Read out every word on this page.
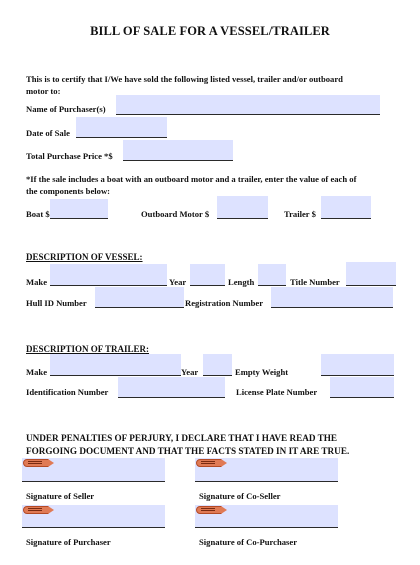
BILL OF SALE FOR A VESSEL/TRAILER
This is to certify that I/We have sold the following listed vessel, trailer and/or outboard
motor to:
Name of Purchaser(s)
Date of Sale
Total Purchase Price *$
*If the sale includes a boat with an outboard motor and a trailer, enter the value of each of
the components below:
Boat $	Outboard Motor $	Trailer $
DESCRIPTION OF VESSEL:
Make	Year	Length	Title Number
Hull ID Number	Registration Number
DESCRIPTION OF TRAILER:
Make	Year	Empty Weight
Identification Number	License Plate Number
UNDER PENALTIES OF PERJURY, I DECLARE THAT I HAVE READ THE
FORGOING DOCUMENT AND THAT THE FACTS STATED IN IT ARE TRUE.
Signature of Seller	Signature of Co-Seller
Signature of Purchaser	Signature of Co-Purchaser
